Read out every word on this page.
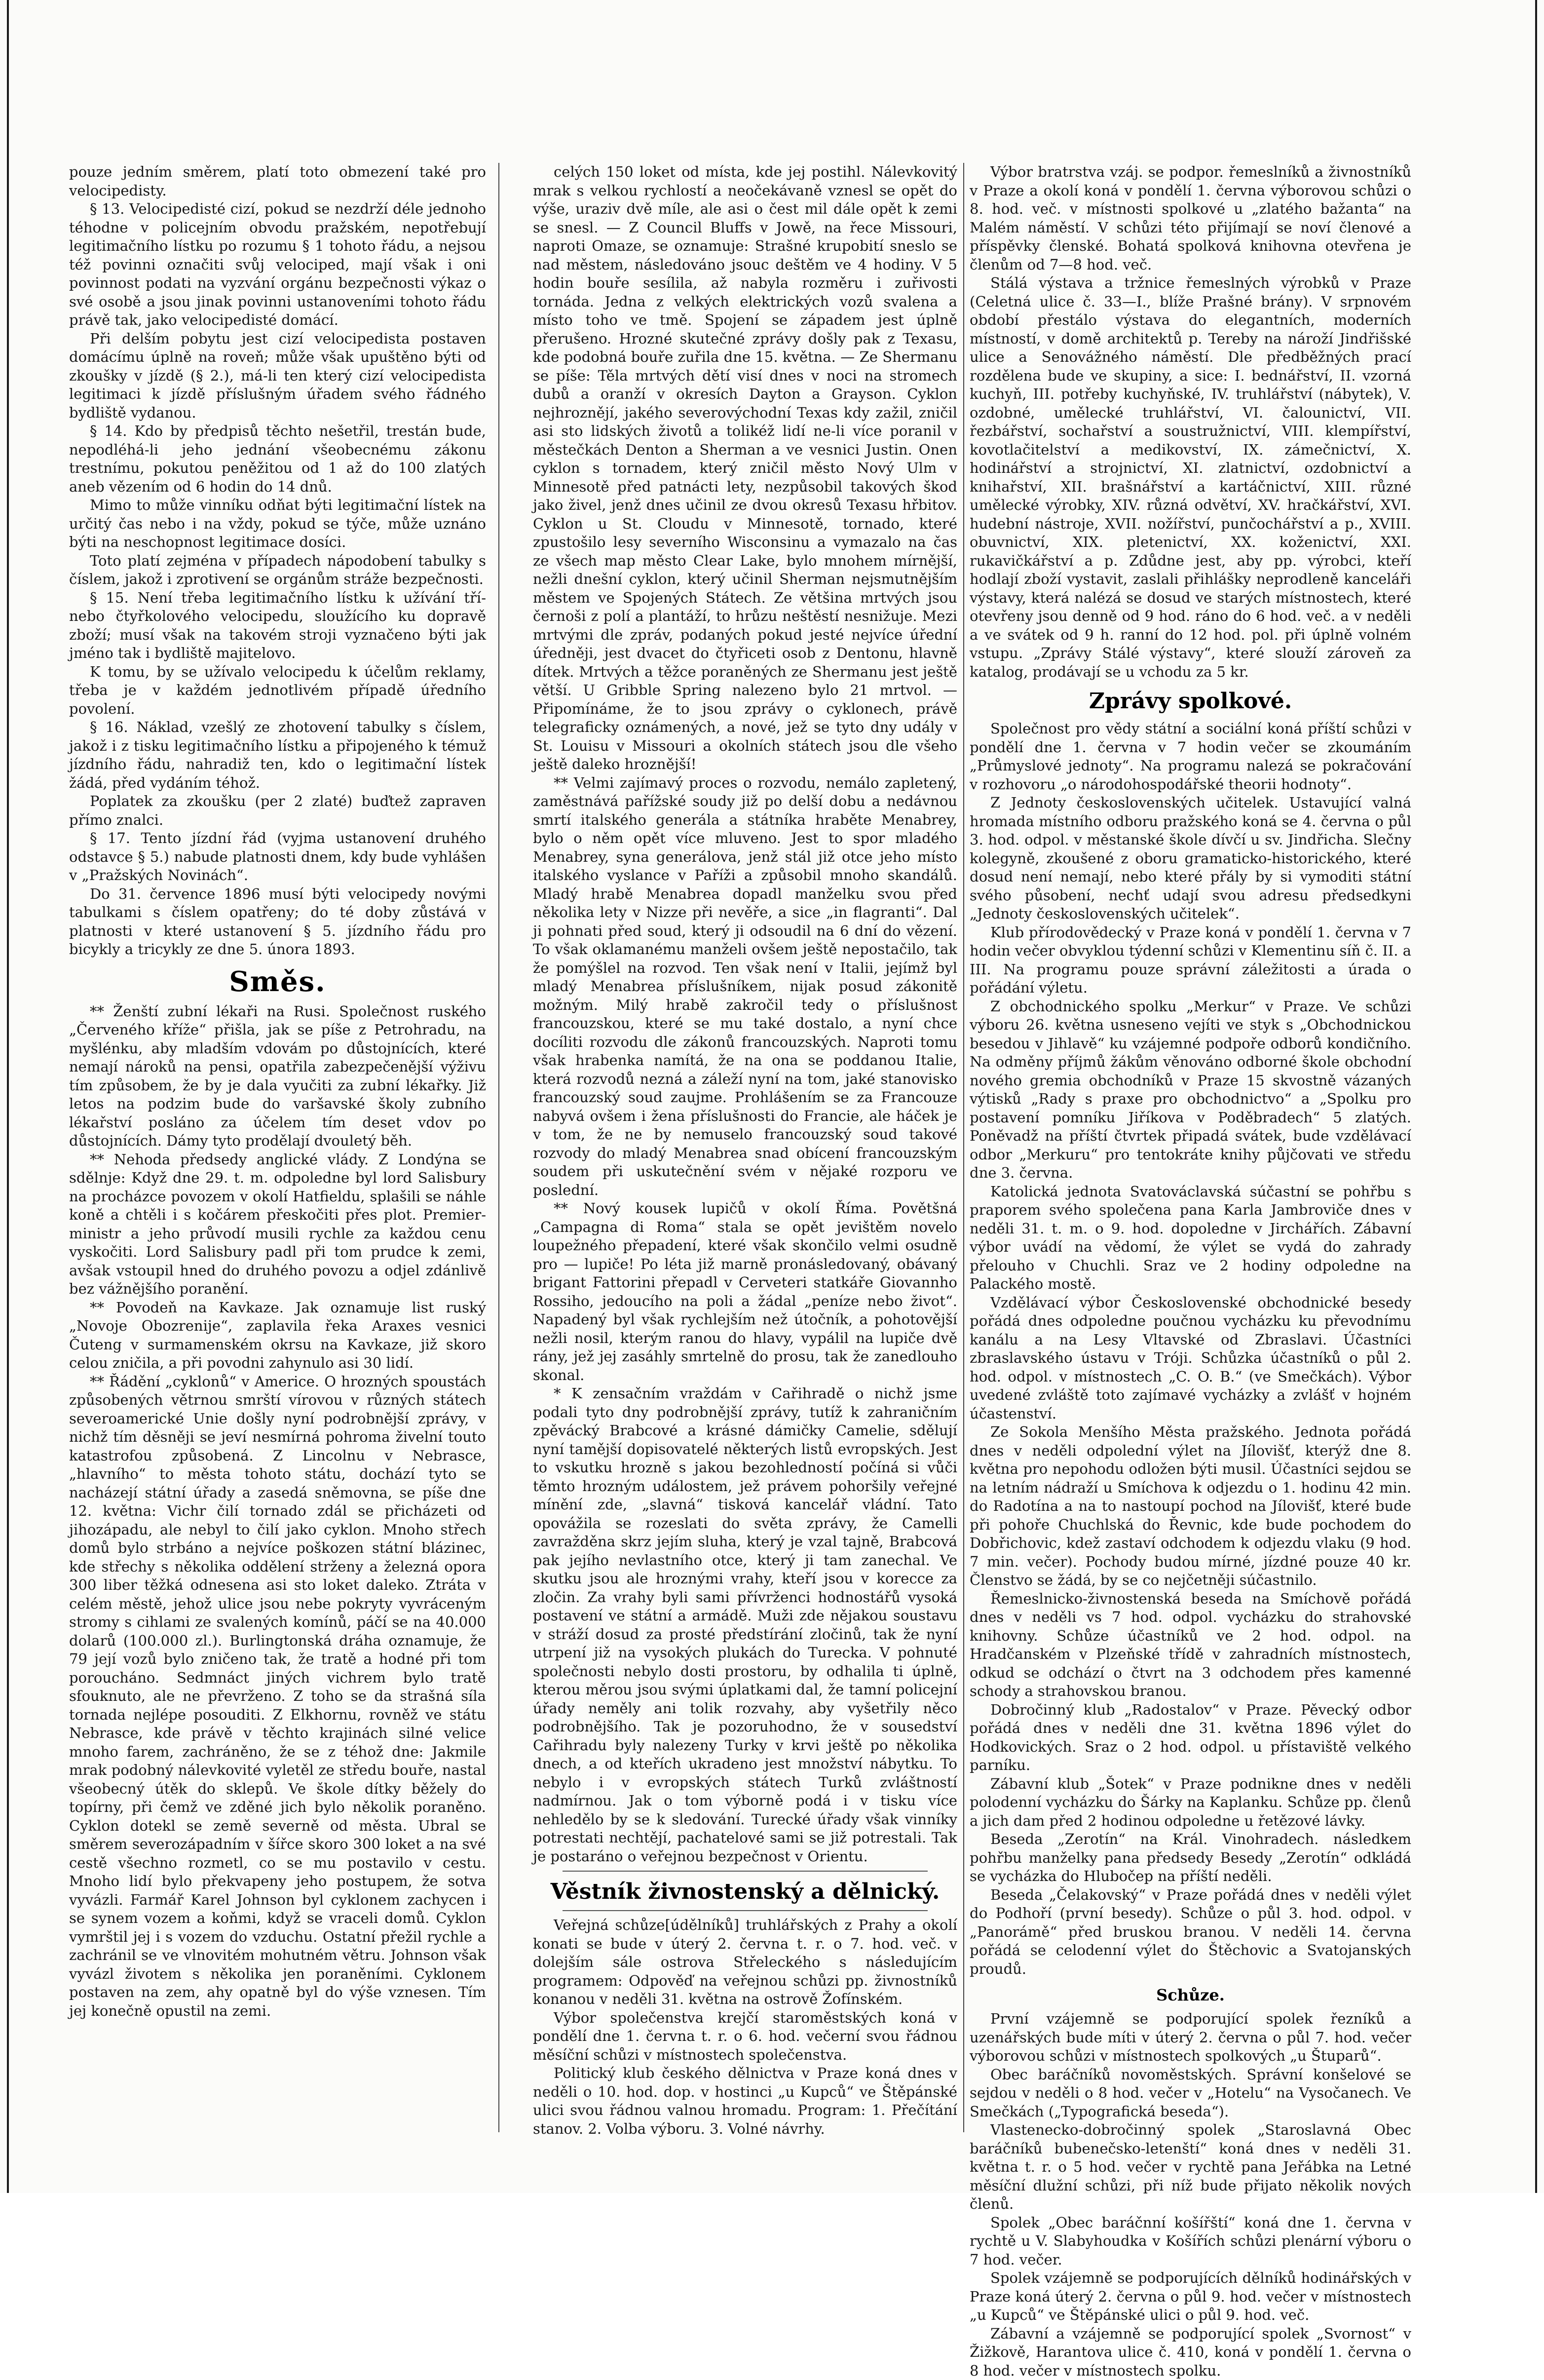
pouze jedním směrem, platí toto obmezení také pro velocipedisty.

§ 13. Velocipedisté cizí, pokud se nezdrží déle jednoho téhodne v policejním obvodu pražském, nepotřebují legitimačního lístku po rozumu § 1 tohoto řádu, a nejsou též povinni označiti svůj velociped, mají však i oni povinnost podati na vyzvání orgánu bezpečnosti výkaz o své osobě a jsou jinak povinni ustanoveními tohoto řádu právě tak, jako velocipedisté domácí.

Při delším pobytu jest cizí velocipedista postaven domácímu úplně na roveň; může však upuštěno býti od zkoušky v jízdě (§ 2.), má-li ten který cizí velocipedista legitimaci k jízdě příslušným úřadem svého řádného bydliště vydanou.

§ 14. Kdo by předpisů těchto nešetřil, trestán bude, nepodléhá-li jeho jednání všeobecnému zákonu trestnímu, pokutou peněžitou od 1 až do 100 zlatých aneb vězením od 6 hodin do 14 dnů.

Mimo to může vinníku odňat býti legitimační lístek na určitý čas nebo i na vždy, pokud se týče, může uznáno býti na neschopnost legitimace dosíci.

Toto platí zejména v případech nápodobení tabulky s číslem, jakož i zprotivení se orgánům stráže bezpečnosti.

§ 15. Není třeba legitimačního lístku k užívání tří- nebo čtyřkolového velocipedu, sloužícího ku dopravě zboží; musí však na takovém stroji vyznačeno býti jak jméno tak i bydliště majitelovo.

K tomu, by se užívalo velocipedu k účelům reklamy, třeba je v každém jednotlivém případě úředního povolení.

§ 16. Náklad, vzešlý ze zhotovení tabulky s číslem, jakož i z tisku legitimačního lístku a připojeného k témuž jízdního řádu, nahradiž ten, kdo o legitimační lístek žádá, před vydáním téhož.

Poplatek za zkoušku (per 2 zlaté) buďtež zapraven přímo znalci.

§ 17. Tento jízdní řád (vyjma ustanovení druhého odstavce § 5.) nabude platnosti dnem, kdy bude vyhlášen v „Pražských Novinách“.

Do 31. července 1896 musí býti velocipedy novými tabulkami s číslem opatřeny; do té doby zůstává v platnosti v které ustanovení § 5. jízdního řádu pro bicykly a tricykly ze dne 5. února 1893.

Směs.

** Ženští zubní lékaři na Rusi. Společnost ruského „Červeného kříže“ přišla, jak se píše z Petrohradu, na myšlénku, aby mladším vdovám po důstojnících, které nemají nároků na pensi, opatřila zabezpečenější výživu tím způsobem, že by je dala vyučiti za zubní lékařky. Již letos na podzim bude do varšavské školy zubního lékařství posláno za účelem tím deset vdov po důstojnících. Dámy tyto prodělají dvouletý běh.

** Nehoda předsedy anglické vlády. Z Londýna se sdělnje: Když dne 29. t. m. odpoledne byl lord Salisbury na procházce povozem v okolí Hatfieldu, splašili se náhle koně a chtěli i s kočárem přeskočiti přes plot. Premier-ministr a jeho průvodí musili rychle za každou cenu vyskočiti. Lord Salisbury padl při tom prudce k zemi, avšak vstoupil hned do druhého povozu a odjel zdánlivě bez vážnějšího poranění.

** Povodeň na Kavkaze. Jak oznamuje list ruský „Novoje Obozrenije“, zaplavila řeka Araxes vesnici Čuteng v surmamenském okrsu na Kavkaze, již skoro celou zničila, a při povodni zahynulo asi 30 lidí.

** Řádění „cyklonů“ v Americe. O hrozných spoustách způsobených větrnou smrští vírovou v různých státech severoamerické Unie došly nyní podrobnější zprávy, v nichž tím děsněji se jeví nesmírná pohroma živelní touto katastrofou způsobená. Z Lincolnu v Nebrasce, „hlavního“ to města tohoto státu, dochází tyto se nacházejí státní úřady a zasedá sněmovna, se píše dne 12. května: Vichr čilí tornado zdál se přicházeti od jihozápadu, ale nebyl to čilí jako cyklon. Mnoho střech domů bylo strbáno a nejvíce poškozen státní blázinec, kde střechy s několika oddělení strženy a železná opora 300 liber těžká odnesena asi sto loket daleko. Ztráta v celém městě, jehož ulice jsou nebe pokryty vyvráceným stromy s cihlami ze svalených komínů, páčí se na 40.000 dolarů (100.000 zl.). Burlingtonská dráha oznamuje, že 79 její vozů bylo zničeno tak, že tratě a hodné při tom poroucháno. Sedmnáct jiných vichrem bylo tratě sfouknuto, ale ne převrženo. Z toho se da strašná síla tornada nejlépe posouditi. Z Elkhornu, rovněž ve státu Nebrasce, kde právě v těchto krajinách silné velice mnoho farem, zachráněno, že se z téhož dne: Jakmile mrak podobný nálevkovité vyletěl ze středu bouře, nastal všeobecný útěk do sklepů. Ve škole dítky běžely do topírny, při čemž ve zděné jich bylo několik poraněno. Cyklon dotekl se země severně od města. Ubral se směrem severozápadním v šířce skoro 300 loket a na své cestě všechno rozmetl, co se mu postavilo v cestu. Mnoho lidí bylo překvapeny jeho postupem, že sotva vyvázli. Farmář Karel Johnson byl cyklonem zachycen i se synem vozem a koňmi, když se vraceli domů. Cyklon vymrštil jej i s vozem do vzduchu. Ostatní přežil rychle a zachránil se ve vlnovitém mohutném větru. Johnson však vyvázl životem s několika jen poraněními. Cyklonem postaven na zem, ahy opatně byl do výše vznesen. Tím jej konečně opustil na zemi.

celých 150 loket od místa, kde jej postihl. Nálevkovitý mrak s velkou rychlostí a neočekávaně vznesl se opět do výše, uraziv dvě míle, ale asi o čest mil dále opět k zemi se snesl. — Z Council Bluffs v Jowě, na řece Missouri, naproti Omaze, se oznamuje: Strašné krupobití sneslo se nad městem, následováno jsouc deštěm ve 4 hodiny. V 5 hodin bouře sesílila, až nabyla rozměru i zuřivosti tornáda. Jedna z velkých elektrických vozů svalena a místo toho ve tmě. Spojení se západem jest úplně přerušeno. Hrozné skutečné zprávy došly pak z Texasu, kde podobná bouře zuřila dne 15. května. — Ze Shermanu se píše: Těla mrtvých dětí visí dnes v noci na stromech dubů a oranží v okresích Dayton a Grayson. Cyklon nejhroznějí, jakého severovýchodní Texas kdy zažil, zničil asi sto lidských životů a tolikéž lidí ne-li více poranil v městečkách Denton a Sherman a ve vesnici Justin. Onen cyklon s tornadem, který zničil město Nový Ulm v Minnesotě před patnácti lety, nezpůsobil takových škod jako živel, jenž dnes učinil ze dvou okresů Texasu hřbitov. Cyklon u St. Cloudu v Minnesotě, tornado, které zpustošilo lesy severního Wisconsinu a vymazalo na čas ze všech map město Clear Lake, bylo mnohem mírnější, nežli dnešní cyklon, který učinil Sherman nejsmutnějším městem ve Spojených Státech. Ze většina mrtvých jsou černoši z polí a plantáží, to hrůzu neštěstí nesnižuje. Mezi mrtvými dle zpráv, podaných pokud jesté nejvíce úřední úředněji, jest dvacet do čtyřiceti osob z Dentonu, hlavně dítek. Mrtvých a těžce poraněných ze Shermanu jest ještě větší. U Gribble Spring nalezeno bylo 21 mrtvol. — Připomínáme, že to jsou zprávy o cyklonech, právě telegraficky oznámených, a nové, jež se tyto dny udály v St. Louisu v Missouri a okolních státech jsou dle všeho ještě daleko hroznější!

** Velmi zajímavý proces o rozvodu, nemálo zapletený, zaměstnává pařížské soudy již po delší dobu a nedávnou smrtí italského generála a státníka hraběte Menabrey, bylo o něm opět více mluveno. Jest to spor mladého Menabrey, syna generálova, jenž stál již otce jeho místo italského vyslance v Paříži a způsobil mnoho skandálů. Mladý hrabě Menabrea dopadl manželku svou před několika lety v Nizze při nevěře, a sice „in flagranti“. Dal ji pohnati před soud, který ji odsoudil na 6 dní do vězení. To však oklamanému manželi ovšem ještě nepostačilo, tak že pomýšlel na rozvod. Ten však není v Italii, jejímž byl mladý Menabrea příslušníkem, nijak posud zákonitě možným. Milý hrabě zakročil tedy o příslušnost francouzskou, které se mu také dostalo, a nyní chce docíliti rozvodu dle zákonů francouzských. Naproti tomu však hrabenka namítá, že na ona se poddanou Italie, která rozvodů nezná a záleží nyní na tom, jaké stanovisko francouzský soud zaujme. Prohlášením se za Francouze nabyvá ovšem i žena příslušnosti do Francie, ale háček je v tom, že ne by nemuselo francouzský soud takové rozvody do mladý Menabrea snad obícení francouzským soudem při uskutečnění svém v nějaké rozporu ve poslední.

** Nový kousek lupičů v okolí Říma. Povětšná „Campagna di Roma“ stala se opět jevištěm novelo loupežného přepadení, které však skončilo velmi osudně pro — lupiče! Po léta již marně pronásledovaný, obávaný brigant Fattorini přepadl v Cerveteri statkáře Giovannho Rossiho, jedoucího na poli a žádal „peníze nebo život“. Napadený byl však rychlejším než útočník, a pohotovější nežli nosil, kterým ranou do hlavy, vypálil na lupiče dvě rány, jež jej zasáhly smrtelně do prosu, tak že zanedlouho skonal.

* K zensačním vraždám v Cařihradě o nichž jsme podali tyto dny podrobnější zprávy, tutíž k zahraničním zpěvácký Brabcové a krásné dámičky Camelie, sdělují nyní tamější dopisovatelé některých listů evropských. Jest to vskutku hrozně s jakou bezohledností počíná si vůči těmto hrozným událostem, jež právem pohoršily veřejné mínění zde, „slavná“ tisková kancelář vládní. Tato opovážila se rozeslati do světa zprávy, že Camelli zavražděna skrz jejím sluha, který je vzal tajně, Brabcová pak jejího nevlastního otce, který ji tam zanechal. Ve skutku jsou ale hroznými vrahy, kteří jsou v korecce za zločin. Za vrahy byli sami přívrženci hodnostářů vysoká postavení ve státní a armádě. Muži zde nějakou soustavu v stráží dosud za prosté předstírání zločinů, tak že nyní utrpení již na vysokých plukách do Turecka. V pohnuté společnosti nebylo dosti prostoru, by odhalila ti úplně, kterou měrou jsou svými úplatkami dal, že tamní policejní úřady neměly ani tolik rozvahy, aby vyšetřily něco podrobnějšího. Tak je pozoruhodno, že v sousedství Cařihradu byly nalezeny Turky v krvi ještě po několika dnech, a od kteřích ukradeno jest množství nábytku. To nebylo i v evropských státech Turků zvláštností nadmírnou. Jak o tom výborně podá i v tisku více nehledělo by se k sledování. Turecké úřady však vinníky potrestati nechtějí, pachatelové sami se již potrestali. Tak je postaráno o veřejnou bezpečnost v Orientu.

Věstník živnostenský a dělnický.

Veřejná schůze[údělníků] truhlářských z Prahy a okolí konati se bude v úterý 2. června t. r. o 7. hod. več. v dolejším sále ostrova Střeleckého s následujícím programem: Odpověď na veřejnou schůzi pp. živnostníků konanou v neděli 31. května na ostrově Žofínském.

Výbor společenstva krejčí staroměstských koná v pondělí dne 1. června t. r. o 6. hod. večerní svou řádnou měsíční schůzi v místnostech společenstva.

Politický klub českého dělnictva v Praze koná dnes v neděli o 10. hod. dop. v hostinci „u Kupců“ ve Štěpánské ulici svou řádnou valnou hromadu. Program: 1. Přečítání stanov. 2. Volba výboru. 3. Volné návrhy.

Výbor bratrstva vzáj. se podpor. řemeslníků a živnostníků v Praze a okolí koná v pondělí 1. června výborovou schůzi o 8. hod. več. v místnosti spolkové u „zlatého bažanta“ na Malém náměstí. V schůzi této přijímají se noví členové a příspěvky členské. Bohatá spolková knihovna otevřena je členům od 7—8 hod. več.

Stálá výstava a tržnice řemeslných výrobků v Praze (Celetná ulice č. 33—I., blíže Prašné brány). V srpnovém období přestálo výstava do elegantních, moderních místností, v domě architektů p. Tereby na nároží Jindřišské ulice a Senovážného náměstí. Dle předběžných prací rozdělena bude ve skupiny, a sice: I. bednářství, II. vzorná kuchyň, III. potřeby kuchyňské, IV. truhlářství (nábytek), V. ozdobné, umělecké truhlářství, VI. čalounictví, VII. řezbářství, sochařství a soustružnictví, VIII. klempířství, kovotlačitelství a medikovství, IX. zámečnictví, X. hodinářství a strojnictví, XI. zlatnictví, ozdobnictví a knihařství, XII. brašnářství a kartáčnictví, XIII. různé umělecké výrobky, XIV. různá odvětví, XV. hračkářství, XVI. hudební nástroje, XVII. nožířství, punčochářství a p., XVIII. obuvnictví, XIX. pletenictví, XX. koženictví, XXI. rukavičkářství a p. Zdůdne jest, aby pp. výrobci, kteří hodlají zboží vystavit, zaslali přihlášky neprodleně kanceláři výstavy, která nalézá se dosud ve starých místnostech, které otevřeny jsou denně od 9 hod. ráno do 6 hod. več. a v neděli a ve svátek od 9 h. ranní do 12 hod. pol. při úplně volném vstupu. „Zprávy Stálé výstavy“, které slouží zároveň za katalog, prodávají se u vchodu za 5 kr.

Zprávy spolkové.

Společnost pro vědy státní a sociální koná příští schůzi v pondělí dne 1. června v 7 hodin večer se zkoumáním „Průmyslové jednoty“. Na programu nalezá se pokračování v rozhovoru „o národohospodářské theorii hodnoty“.

Z Jednoty československých učitelek. Ustavující valná hromada místního odboru pražského koná se 4. června o půl 3. hod. odpol. v městanské škole dívčí u sv. Jindřicha. Slečny kolegyně, zkoušené z oboru gramaticko-historického, které dosud není nemají, nebo které přály by si vymoditi státní svého působení, nechť udají svou adresu předsedkyni „Jednoty československých učitelek“.

Klub přírodovědecký v Praze koná v pondělí 1. června v 7 hodin večer obvyklou týdenní schůzi v Klementinu síň č. II. a III. Na programu pouze správní záležitosti a úrada o pořádání výletu.

Z obchodnického spolku „Merkur“ v Praze. Ve schůzi výboru 26. května usneseno vejíti ve styk s „Obchodnickou besedou v Jihlavě“ ku vzájemné podpoře odborů kondičního. Na odměny příjmů žákům věnováno odborné škole obchodní nového gremia obchodníků v Praze 15 skvostně vázaných výtisků „Rady s praxe pro obchodnictvo“ a „Spolku pro postavení pomníku Jiříkova v Poděbradech“ 5 zlatých. Poněvadž na příští čtvrtek připadá svátek, bude vzdělávací odbor „Merkuru“ pro tentokráte knihy půjčovati ve středu dne 3. června.

Katolická jednota Svatováclavská súčastní se pohřbu s praporem svého společena pana Karla Jambroviče dnes v neděli 31. t. m. o 9. hod. dopoledne v Jirchářích. Zábavní výbor uvádí na vědomí, že výlet se vydá do zahrady přelouho v Chuchli. Sraz ve 2 hodiny odpoledne na Palackého mostě.

Vzdělávací výbor Československé obchodnické besedy pořádá dnes odpoledne poučnou vycházku ku převodnímu kanálu a na Lesy Vltavské od Zbraslavi. Účastníci zbraslavského ústavu v Tróji. Schůzka účastníků o půl 2. hod. odpol. v místnostech „C. O. B.“ (ve Smečkách). Výbor uvedené zvláště toto zajímavé vycházky a zvlášť v hojném účastenství.

Ze Sokola Menšího Města pražského. Jednota pořádá dnes v neděli odpolední výlet na Jílovišť, kterýž dne 8. května pro nepohodu odložen býti musil. Účastníci sejdou se na letním nádraží u Smíchova k odjezdu o 1. hodinu 42 min. do Radotína a na to nastoupí pochod na Jílovišť, které bude při pohoře Chuchlská do Řevnic, kde bude pochodem do Dobřichovic, kdež zastaví odchodem k odjezdu vlaku (9 hod. 7 min. večer). Pochody budou mírné, jízdné pouze 40 kr. Členstvo se žádá, by se co nejčetněji súčastnilo.

Řemeslnicko-živnostenská beseda na Smíchově pořádá dnes v neděli vs 7 hod. odpol. vycházku do strahovské knihovny. Schůze účastníků ve 2 hod. odpol. na Hradčanském v Plzeňské třídě v zahradních místnostech, odkud se odchází o čtvrt na 3 odchodem přes kamenné schody a strahovskou branou.

Dobročinný klub „Radostalov“ v Praze. Pěvecký odbor pořádá dnes v neděli dne 31. května 1896 výlet do Hodkovických. Sraz o 2 hod. odpol. u přístaviště velkého parníku.

Zábavní klub „Šotek“ v Praze podnikne dnes v neděli polodenní vycházku do Šárky na Kaplanku. Schůze pp. členů a jich dam před 2 hodinou odpoledne u řetězové lávky.

Beseda „Zerotín“ na Král. Vinohradech. následkem pohřbu manželky pana předsedy Besedy „Zerotín“ odkládá se vycházka do Hlubočep na příští neděli.

Beseda „Čelakovský“ v Praze pořádá dnes v neděli výlet do Podhoří (první besedy). Schůze o půl 3. hod. odpol. v „Panorámě“ před bruskou branou. V neděli 14. června pořádá se celodenní výlet do Štěchovic a Svatojanských proudů.

Schůze.

První vzájemně se podporující spolek řezníků a uzenářských bude míti v úterý 2. června o půl 7. hod. večer výborovou schůzi v místnostech spolkových „u Štuparů“.

Obec baráčníků novoměstských. Správní konšelové se sejdou v neděli o 8 hod. večer v „Hotelu“ na Vysočanech. Ve Smečkách („Typografická beseda“).

Vlastenecko-dobročinný spolek „Staroslavná Obec baráčníků bubenečsko-letenští“ koná dnes v neděli 31. května t. r. o 5 hod. večer v rychtě pana Jeřábka na Letné měsíční dlužní schůzi, při níž bude přijato několik nových členů.

Spolek „Obec baráčnní košířští“ koná dne 1. června v rychtě u V. Slabyhoudka v Košířích schůzi plenární výboru o 7 hod. večer.

Spolek vzájemně se podporujících dělníků hodinářských v Praze koná úterý 2. června o půl 9. hod. večer v místnostech „u Kupců“ ve Štěpánské ulici o půl 9. hod. več.

Zábavní a vzájemně se podporující spolek „Svornost“ v Žižkově, Harantova ulice č. 410, koná v pondělí 1. června o 8 hod. večer v místnostech spolku.
